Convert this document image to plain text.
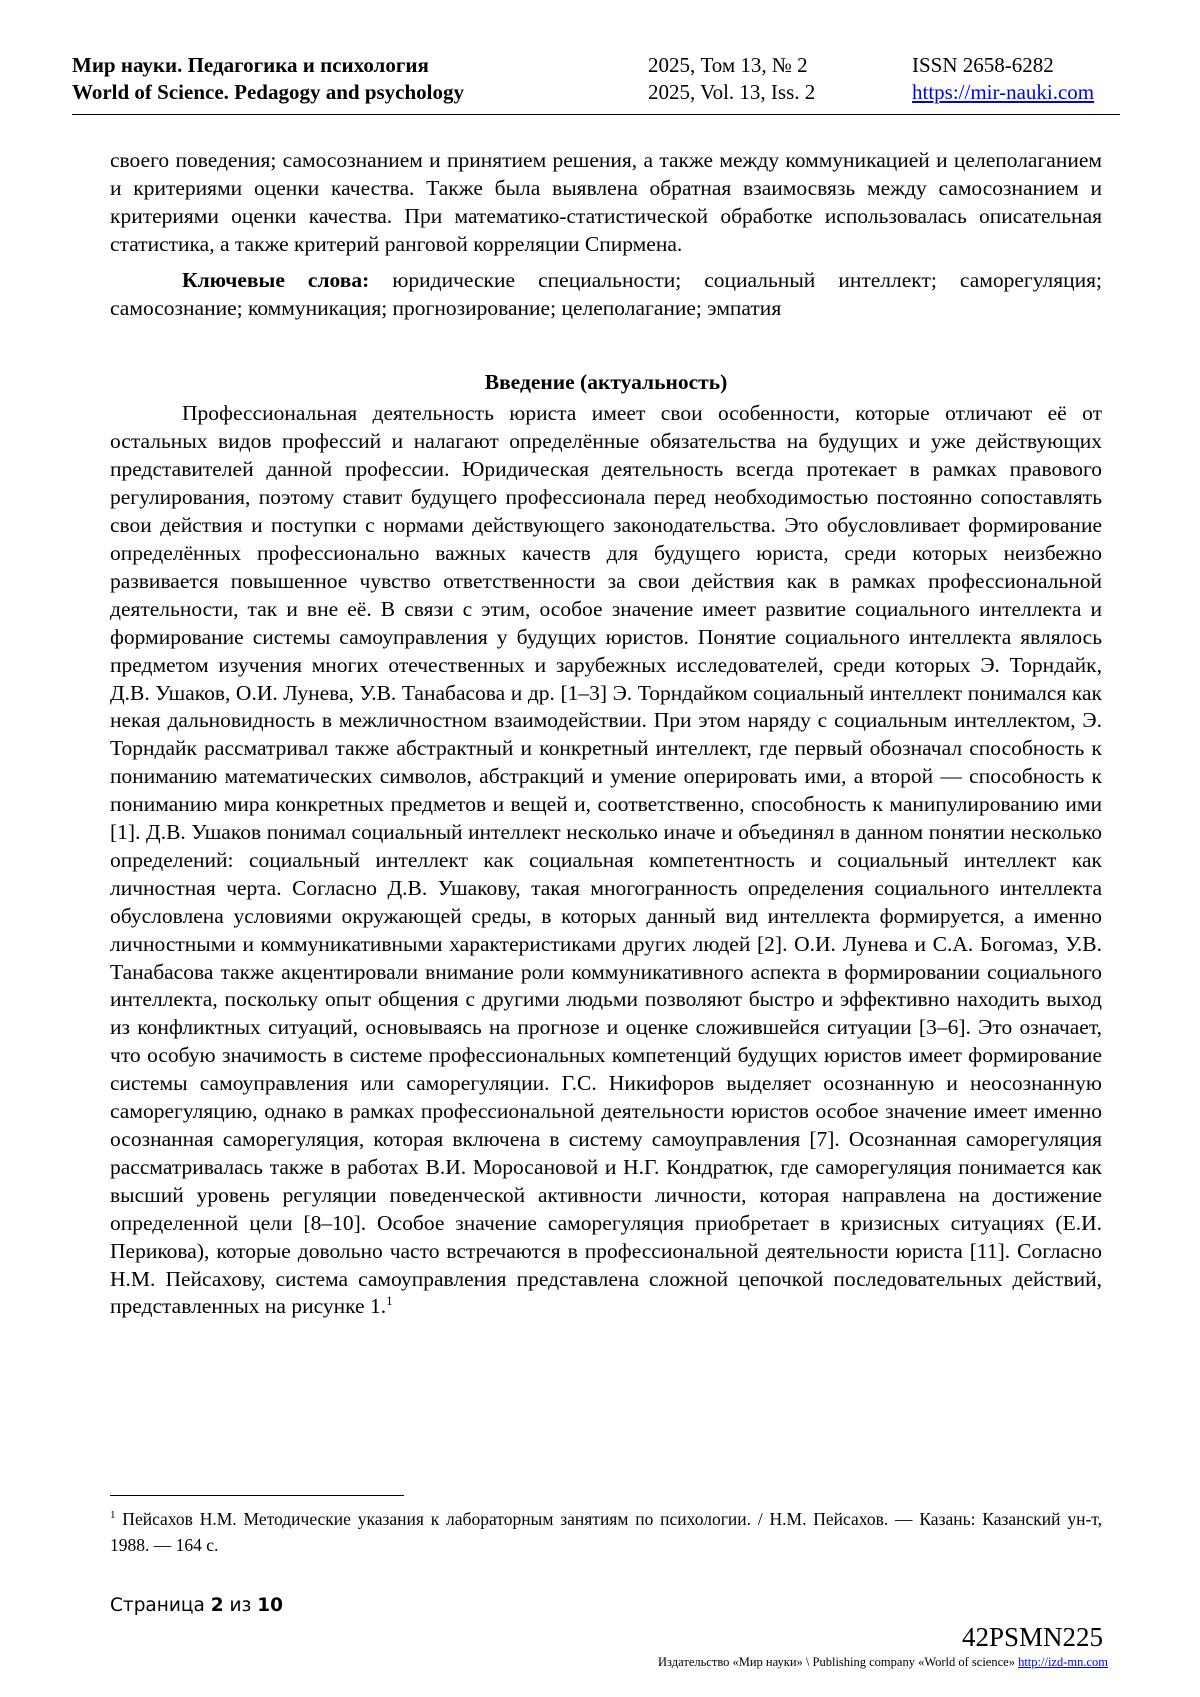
Мир науки. Педагогика и психология
World of Science. Pedagogy and psychology
2025, Том 13, № 2
2025, Vol. 13, Iss. 2
ISSN 2658-6282
https://mir-nauki.com

своего поведения; самосознанием и принятием решения, а также между коммуникацией и целеполаганием и критериями оценки качества. Также была выявлена обратная взаимосвязь между самосознанием и критериями оценки качества. При математико-статистической обработке использовалась описательная статистика, а также критерий ранговой корреляции Спирмена.

Ключевые слова: юридические специальности; социальный интеллект; саморегуляция; самосознание; коммуникация; прогнозирование; целеполагание; эмпатия

Введение (актуальность)

Профессиональная деятельность юриста имеет свои особенности, которые отличают её от остальных видов профессий и налагают определённые обязательства на будущих и уже действующих представителей данной профессии. Юридическая деятельность всегда протекает в рамках правового регулирования, поэтому ставит будущего профессионала перед необходимостью постоянно сопоставлять свои действия и поступки с нормами действующего законодательства. Это обусловливает формирование определённых профессионально важных качеств для будущего юриста, среди которых неизбежно развивается повышенное чувство ответственности за свои действия как в рамках профессиональной деятельности, так и вне её. В связи с этим, особое значение имеет развитие социального интеллекта и формирование системы самоуправления у будущих юристов. Понятие социального интеллекта являлось предметом изучения многих отечественных и зарубежных исследователей, среди которых Э. Торндайк, Д.В. Ушаков, О.И. Лунева, У.В. Танабасова и др. [1–3] Э. Торндайком социальный интеллект понимался как некая дальновидность в межличностном взаимодействии. При этом наряду с социальным интеллектом, Э. Торндайк рассматривал также абстрактный и конкретный интеллект, где первый обозначал способность к пониманию математических символов, абстракций и умение оперировать ими, а второй — способность к пониманию мира конкретных предметов и вещей и, соответственно, способность к манипулированию ими [1]. Д.В. Ушаков понимал социальный интеллект несколько иначе и объединял в данном понятии несколько определений: социальный интеллект как социальная компетентность и социальный интеллект как личностная черта. Согласно Д.В. Ушакову, такая многогранность определения социального интеллекта обусловлена условиями окружающей среды, в которых данный вид интеллекта формируется, а именно личностными и коммуникативными характеристиками других людей [2]. О.И. Лунева и С.А. Богомаз, У.В. Танабасова также акцентировали внимание роли коммуникативного аспекта в формировании социального интеллекта, поскольку опыт общения с другими людьми позволяют быстро и эффективно находить выход из конфликтных ситуаций, основываясь на прогнозе и оценке сложившейся ситуации [3–6]. Это означает, что особую значимость в системе профессиональных компетенций будущих юристов имеет формирование системы самоуправления или саморегуляции. Г.С. Никифоров выделяет осознанную и неосознанную саморегуляцию, однако в рамках профессиональной деятельности юристов особое значение имеет именно осознанная саморегуляция, которая включена в систему самоуправления [7]. Осознанная саморегуляция рассматривалась также в работах В.И. Моросановой и Н.Г. Кондратюк, где саморегуляция понимается как высший уровень регуляции поведенческой активности личности, которая направлена на достижение определенной цели [8–10]. Особое значение саморегуляция приобретает в кризисных ситуациях (Е.И. Перикова), которые довольно часто встречаются в профессиональной деятельности юриста [11]. Согласно Н.М. Пейсахову, система самоуправления представлена сложной цепочкой последовательных действий, представленных на рисунке 1.$^1$

$^1$ Пейсахов Н.М. Методические указания к лабораторным занятиям по психологии. / Н.М. Пейсахов. — Казань: Казанский ун-т, 1988. — 164 с.
Страница 2 из 10
42PSMN225
Издательство «Мир науки» \ Publishing company «World of science» http://izd-mn.com
